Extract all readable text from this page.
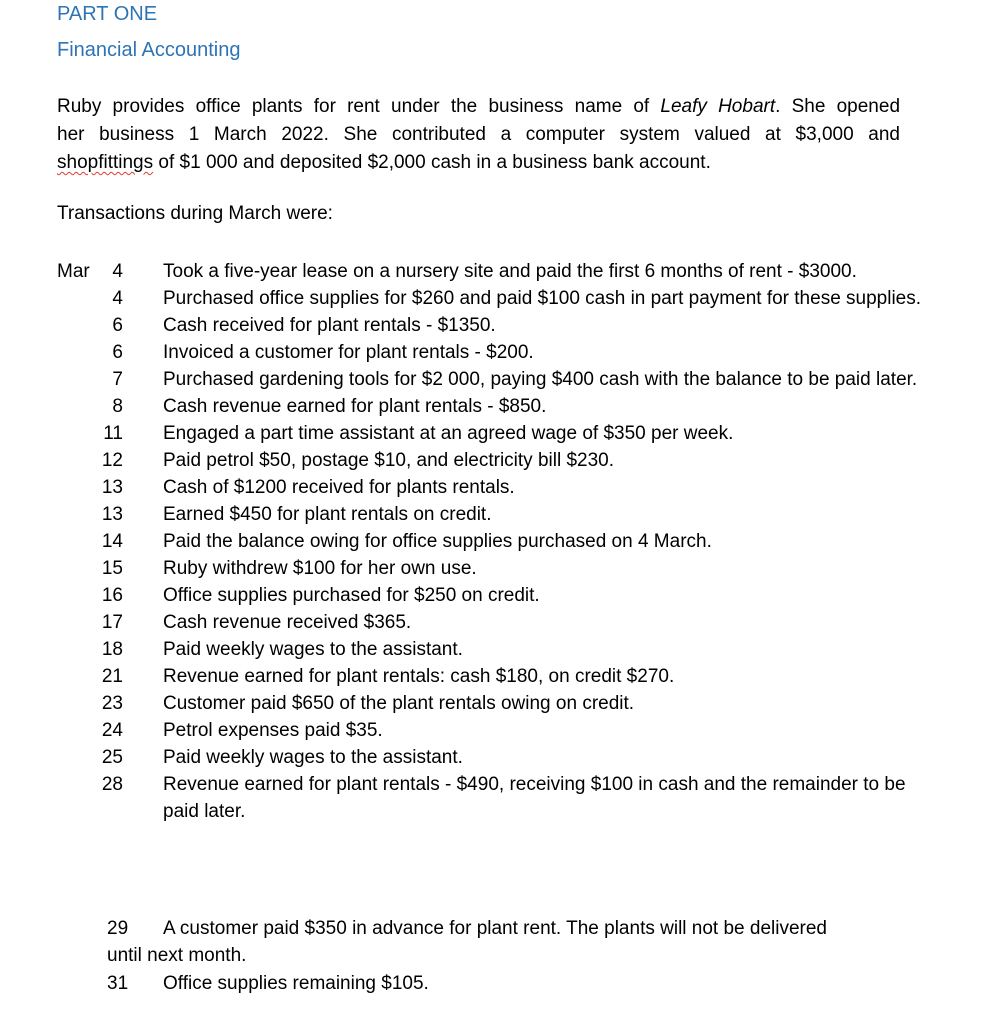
PART ONE
Financial Accounting

Ruby provides office plants for rent under the business name of Leafy Hobart. She opened
her business 1 March 2022. She contributed a computer system valued at $3,000 and
shopfittings of $1 000 and deposited $2,000 cash in a business bank account.

Transactions during March were:

Mar	4 Took a five-year lease on a nursery site and paid the first 6 months of rent - $3000.
4 Purchased office supplies for $260 and paid $100 cash in part payment for these supplies.
6 Cash received for plant rentals - $1350.
6 Invoiced a customer for plant rentals - $200.
7 Purchased gardening tools for $2 000, paying $400 cash with the balance to be paid later.
8 Cash revenue earned for plant rentals - $850.
11 Engaged a part time assistant at an agreed wage of $350 per week.
12 Paid petrol $50, postage $10, and electricity bill $230.
13 Cash of $1200 received for plants rentals.
13 Earned $450 for plant rentals on credit.
14 Paid the balance owing for office supplies purchased on 4 March.
15 Ruby withdrew $100 for her own use.
16 Office supplies purchased for $250 on credit.
17 Cash revenue received $365.
18 Paid weekly wages to the assistant.
21 Revenue earned for plant rentals: cash $180, on credit $270.
23 Customer paid $650 of the plant rentals owing on credit.
24 Petrol expenses paid $35.
25 Paid weekly wages to the assistant.
28 Revenue earned for plant rentals - $490, receiving $100 in cash and the remainder to be paid later.
29 A customer paid $350 in advance for plant rent. The plants will not be delivered
until next month.
31 Office supplies remaining $105.
